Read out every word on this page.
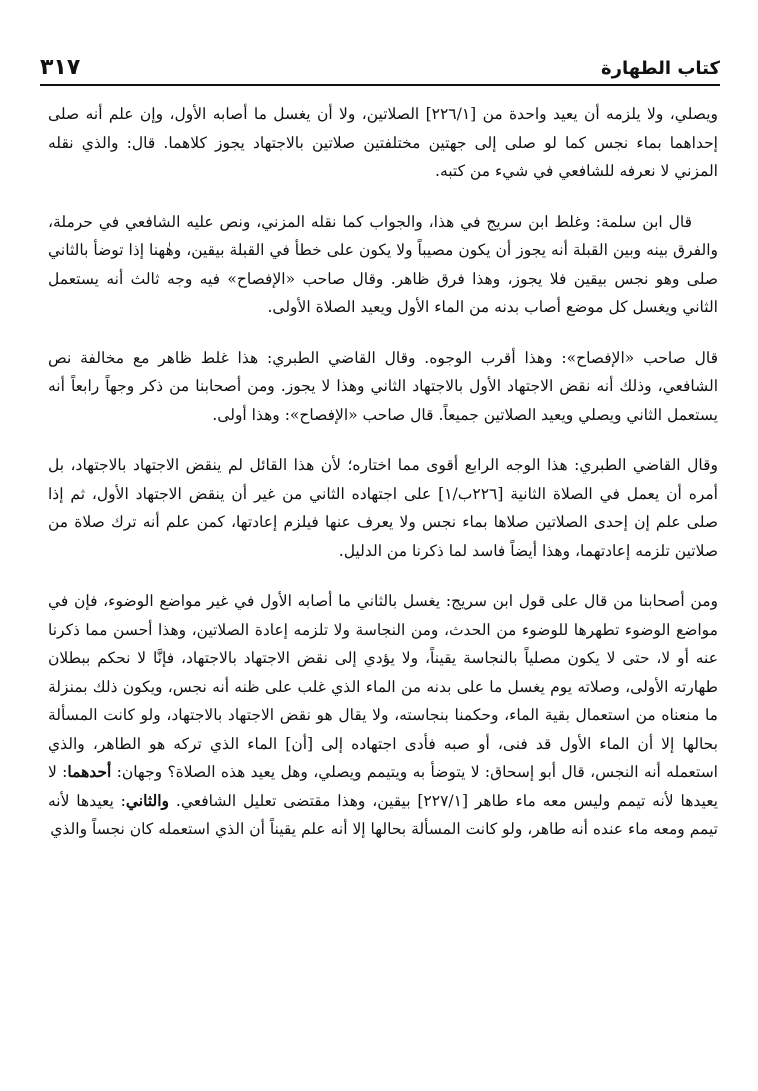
كتاب الطهارة
٣١٧

ويصلي، ولا يلزمه أن يعيد واحدة من [٢٢٦/١] الصلاتين، ولا أن يغسل ما أصابه الأول، وإن علم أنه صلى إحداهما بماء نجس كما لو صلى إلى جهتين مختلفتين صلاتين بالاجتهاد يجوز كلاهما. قال: والذي نقله المزني لا نعرفه للشافعي في شيء من كتبه.

قال ابن سلمة: وغلط ابن سريج في هذا، والجواب كما نقله المزني، ونص عليه الشافعي في حرملة، والفرق بينه وبين القبلة أنه يجوز أن يكون مصيباً ولا يكون على خطأ في القبلة بيقين، وهٰهنا إذا توضأ بالثاني صلى وهو نجس بيقين فلا يجوز، وهذا فرق ظاهر. وقال صاحب «الإفصاح» فيه وجه ثالث أنه يستعمل الثاني ويغسل كل موضع أصاب بدنه من الماء الأول ويعيد الصلاة الأولى.

قال صاحب «الإفصاح»: وهذا أقرب الوجوه. وقال القاضي الطبري: هذا غلط ظاهر مع مخالفة نص الشافعي، وذلك أنه نقض الاجتهاد الأول بالاجتهاد الثاني وهذا لا يجوز. ومن أصحابنا من ذكر وجهاً رابعاً أنه يستعمل الثاني ويصلي ويعيد الصلاتين جميعاً. قال صاحب «الإفصاح»: وهذا أولى.

وقال القاضي الطبري: هذا الوجه الرابع أقوى مما اختاره؛ لأن هذا القائل لم ينقض الاجتهاد بالاجتهاد، بل أمره أن يعمل في الصلاة الثانية [٢٢٦ب/١] على اجتهاده الثاني من غير أن ينقض الاجتهاد الأول، ثم إذا صلى علم إن إحدى الصلاتين صلاها بماء نجس ولا يعرف عنها فيلزم إعادتها، كمن علم أنه ترك صلاة من صلاتين تلزمه إعادتهما، وهذا أيضاً فاسد لما ذكرنا من الدليل.

ومن أصحابنا من قال على قول ابن سريج: يغسل بالثاني ما أصابه الأول في غير مواضع الوضوء، فإن في مواضع الوضوء تطهرها للوضوء من الحدث، ومن النجاسة ولا تلزمه إعادة الصلاتين، وهذا أحسن مما ذكرنا عنه أو لا، حتى لا يكون مصلياً بالنجاسة يقيناً، ولا يؤدي إلى نقض الاجتهاد بالاجتهاد، فإنَّا لا نحكم ببطلان طهارته الأولى، وصلاته يوم يغسل ما على بدنه من الماء الذي غلب على ظنه أنه نجس، ويكون ذلك بمنزلة ما منعناه من استعمال بقية الماء، وحكمنا بنجاسته، ولا يقال هو نقض الاجتهاد بالاجتهاد، ولو كانت المسألة بحالها إلا أن الماء الأول قد فنى، أو صبه فأدى اجتهاده إلى [أن] الماء الذي تركه هو الطاهر، والذي استعمله أنه النجس، قال أبو إسحاق: لا يتوضأ به ويتيمم ويصلي، وهل يعيد هذه الصلاة؟ وجهان: أحدهما: لا يعيدها لأنه تيمم وليس معه ماء طاهر [٢٢٧/١] بيقين، وهذا مقتضى تعليل الشافعي. والثاني: يعيدها لأنه تيمم ومعه ماء عنده أنه طاهر، ولو كانت المسألة بحالها إلا أنه علم يقيناً أن الذي استعمله كان نجساً والذي
